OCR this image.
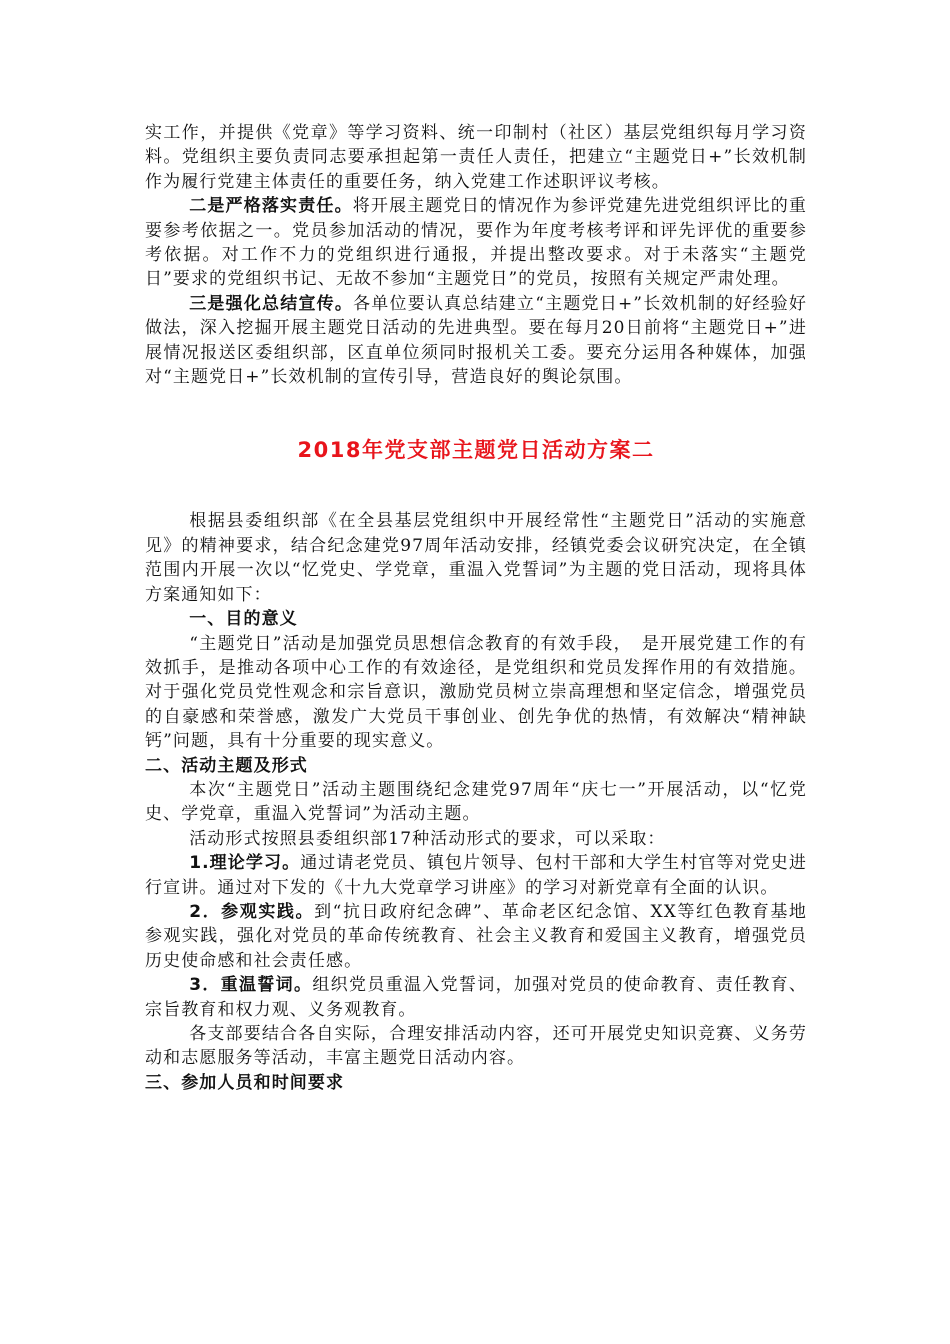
实工作，并提供《党章》等学习资料、统一印制村（社区）基层党组织每月学习资料。党组织主要负责同志要承担起第一责任人责任，把建立“主题党日+”长效机制作为履行党建主体责任的重要任务，纳入党建工作述职评议考核。

二是严格落实责任。将开展主题党日的情况作为参评党建先进党组织评比的重要参考依据之一。党员参加活动的情况，要作为年度考核考评和评先评优的重要参考依据。对工作不力的党组织进行通报，并提出整改要求。对于未落实“主题党日”要求的党组织书记、无故不参加“主题党日”的党员，按照有关规定严肃处理。

三是强化总结宣传。各单位要认真总结建立“主题党日+”长效机制的好经验好做法，深入挖掘开展主题党日活动的先进典型。要在每月20日前将“主题党日+”进展情况报送区委组织部，区直单位须同时报机关工委。要充分运用各种媒体，加强对“主题党日+”长效机制的宣传引导，营造良好的舆论氛围。

2018年党支部主题党日活动方案二

根据县委组织部《在全县基层党组织中开展经常性“主题党日”活动的实施意见》的精神要求，结合纪念建党97周年活动安排，经镇党委会议研究决定，在全镇范围内开展一次以“忆党史、学党章，重温入党誓词”为主题的党日活动，现将具体方案通知如下：

一、目的意义

“主题党日”活动是加强党员思想信念教育的有效手段，　是开展党建工作的有效抓手，是推动各项中心工作的有效途径，是党组织和党员发挥作用的有效措施。对于强化党员党性观念和宗旨意识，激励党员树立崇高理想和坚定信念，增强党员的自豪感和荣誉感，激发广大党员干事创业、创先争优的热情，有效解决“精神缺钙”问题，具有十分重要的现实意义。

二、活动主题及形式

本次“主题党日”活动主题围绕纪念建党97周年“庆七一”开展活动，以“忆党史、学党章，重温入党誓词”为活动主题。

活动形式按照县委组织部17种活动形式的要求，可以采取：

1.理论学习。通过请老党员、镇包片领导、包村干部和大学生村官等对党史进行宣讲。通过对下发的《十九大党章学习讲座》的学习对新党章有全面的认识。

2．参观实践。到“抗日政府纪念碑”、革命老区纪念馆、XX等红色教育基地参观实践，强化对党员的革命传统教育、社会主义教育和爱国主义教育，增强党员历史使命感和社会责任感。

3．重温誓词。组织党员重温入党誓词，加强对党员的使命教育、责任教育、宗旨教育和权力观、义务观教育。

各支部要结合各自实际，合理安排活动内容，还可开展党史知识竞赛、义务劳动和志愿服务等活动，丰富主题党日活动内容。

三、参加人员和时间要求
